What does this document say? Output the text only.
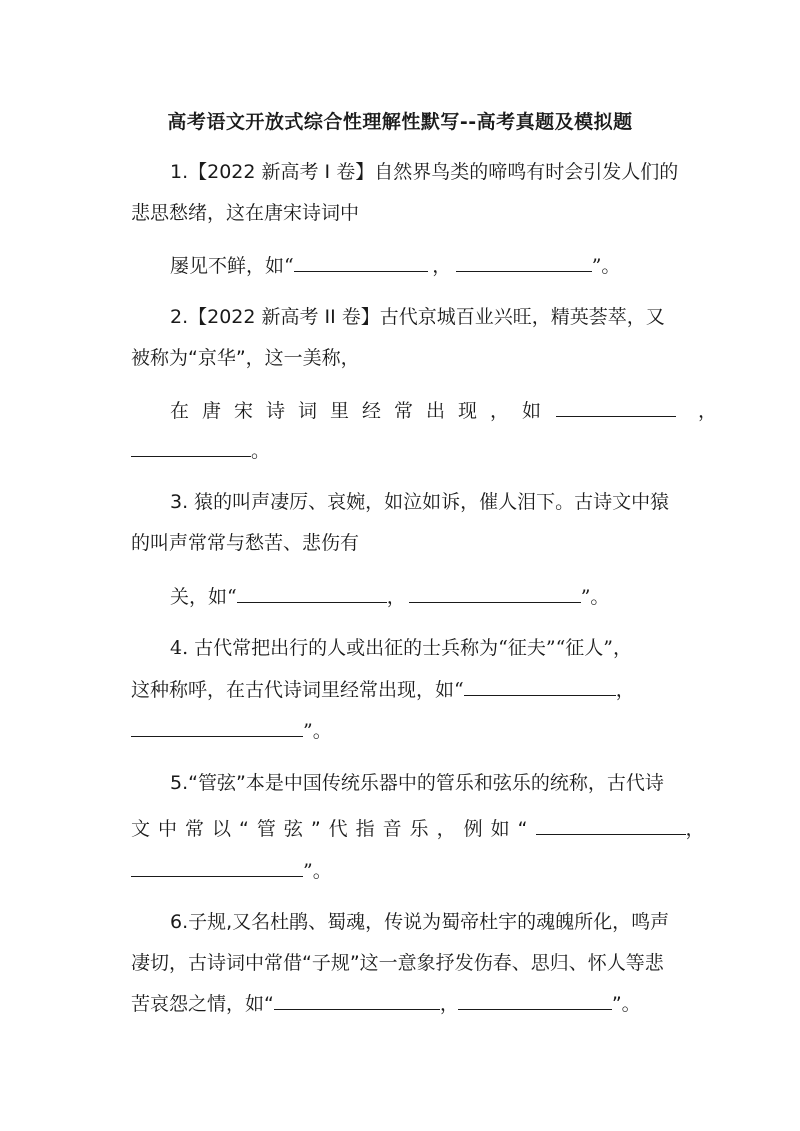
高考语文开放式综合性理解性默写--高考真题及模拟题
1.【2022 新高考 I 卷】自然界鸟类的啼鸣有时会引发人们的
悲思愁绪，这在唐宋诗词中
屡见不鲜，如“	，	”。
2.【2022 新高考 II 卷】古代京城百业兴旺，精英荟萃，又
被称为“京华”，这一美称，
在唐宋诗词里经常出现，如	，
。
3. 猿的叫声凄厉、哀婉，如泣如诉，催人泪下。古诗文中猿
的叫声常常与愁苦、悲伤有
关，如“	，	”。
4. 古代常把出行的人或出征的士兵称为“征夫”“征人”，
这种称呼，在古代诗词里经常出现，如“	，
”。
5.“管弦”本是中国传统乐器中的管乐和弦乐的统称，古代诗
文中常以“管弦”代指音乐，例如“	，
”。
6.子规,又名杜鹃、蜀魂，传说为蜀帝杜宇的魂魄所化，鸣声
凄切，古诗词中常借“子规”这一意象抒发伤春、思归、怀人等悲
苦哀怨之情，如“	，	”。
